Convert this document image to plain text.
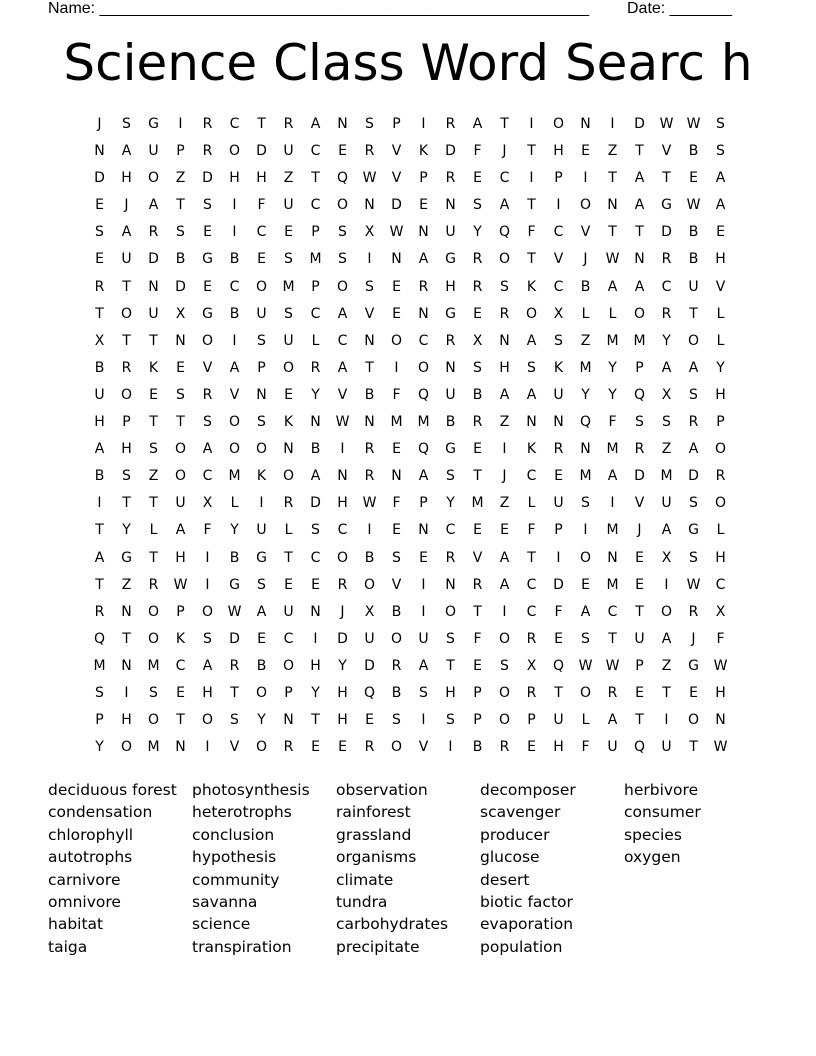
Name: _______________________________________________________ Date: _______
Science Class Word Searc h
J	S	G	I	R	C	T	R	A	N	S	P	I	R	A	T	I	O	N	I	D	W W	S
N	A	U	P	R	O	D	U	C	E	R	V	K	D	F	J	T	H	E	Z	T	V	B	S
D	H	O	Z	D	H	H	Z	T	Q	W	V	P	R	E	C	I	P	I	T	A	T	E	A
E	J	A	T	S	I	F	U	C	O	N	D	E	N	S	A	T	I	O	N	A	G	W	A
S	A	R	S	E	I	C	E	P	S	X	W	N	U	Y	Q	F	C	V	T	T	D	B	E
E	U	D	B	G	B	E	S	M	S	I	N	A	G	R	O	T	V	J	W	N	R	B	H
R	T	N	D	E	C	O	M	P	O	S	E	R	H	R	S	K	C	B	A	A	C	U	V
T	O	U	X	G	B	U	S	C	A	V	E	N	G	E	R	O	X	L	L	O	R	T	L
X	T	T	N	O	I	S	U	L	C	N	O	C	R	X	N	A	S	Z	M	M	Y	O	L
B	R	K	E	V	A	P	O	R	A	T	I	O	N	S	H	S	K	M	Y	P	A	A	Y
U	O	E	S	R	V	N	E	Y	V	B	F	Q	U	B	A	A	U	Y	Y	Q	X	S	H
H	P	T	T	S	O	S	K	N	W	N	M	M	B	R	Z	N	N	Q	F	S	S	R	P
A	H	S	O	A	O	O	N	B	I	R	E	Q	G	E	I	K	R	N	M	R	Z	A	O
B	S	Z	O	C	M	K	O	A	N	R	N	A	S	T	J	C	E	M	A	D	M	D	R
I	T	T	U	X	L	I	R	D	H	W	F	P	Y	M	Z	L	U	S	I	V	U	S	O
T	Y	L	A	F	Y	U	L	S	C	I	E	N	C	E	E	F	P	I	M	J	A	G	L
A	G	T	H	I	B	G	T	C	O	B	S	E	R	V	A	T	I	O	N	E	X	S	H
T	Z	R	W	I	G	S	E	E	R	O	V	I	N	R	A	C	D	E	M	E	I	W	C
R	N	O	P	O	W	A	U	N	J	X	B	I	O	T	I	C	F	A	C	T	O	R	X
Q	T	O	K	S	D	E	C	I	D	U	O	U	S	F	O	R	E	S	T	U	A	J	F
M	N	M	C	A	R	B	O	H	Y	D	R	A	T	E	S	X	Q	W W	P	Z	G	W
S	I	S	E	H	T	O	P	Y	H	Q	B	S	H	P	O	R	T	O	R	E	T	E	H
P	H	O	T	O	S	Y	N	T	H	E	S	I	S	P	O	P	U	L	A	T	I	O	N
Y	O	M	N	I	V	O	R	E	E	R	O	V	I	B	R	E	H	F	U	Q	U	T	W
deciduous forest
condensation
chlorophyll
autotrophs
carnivore
omnivore
habitat
taiga
photosynthesis
heterotrophs
conclusion
hypothesis
community
savanna
science
transpiration
observation
rainforest
grassland
organisms
climate
tundra
carbohydrates
precipitate
decomposer
scavenger
producer
glucose
desert
biotic factor
evaporation
population
herbivore
consumer
species
oxygen
